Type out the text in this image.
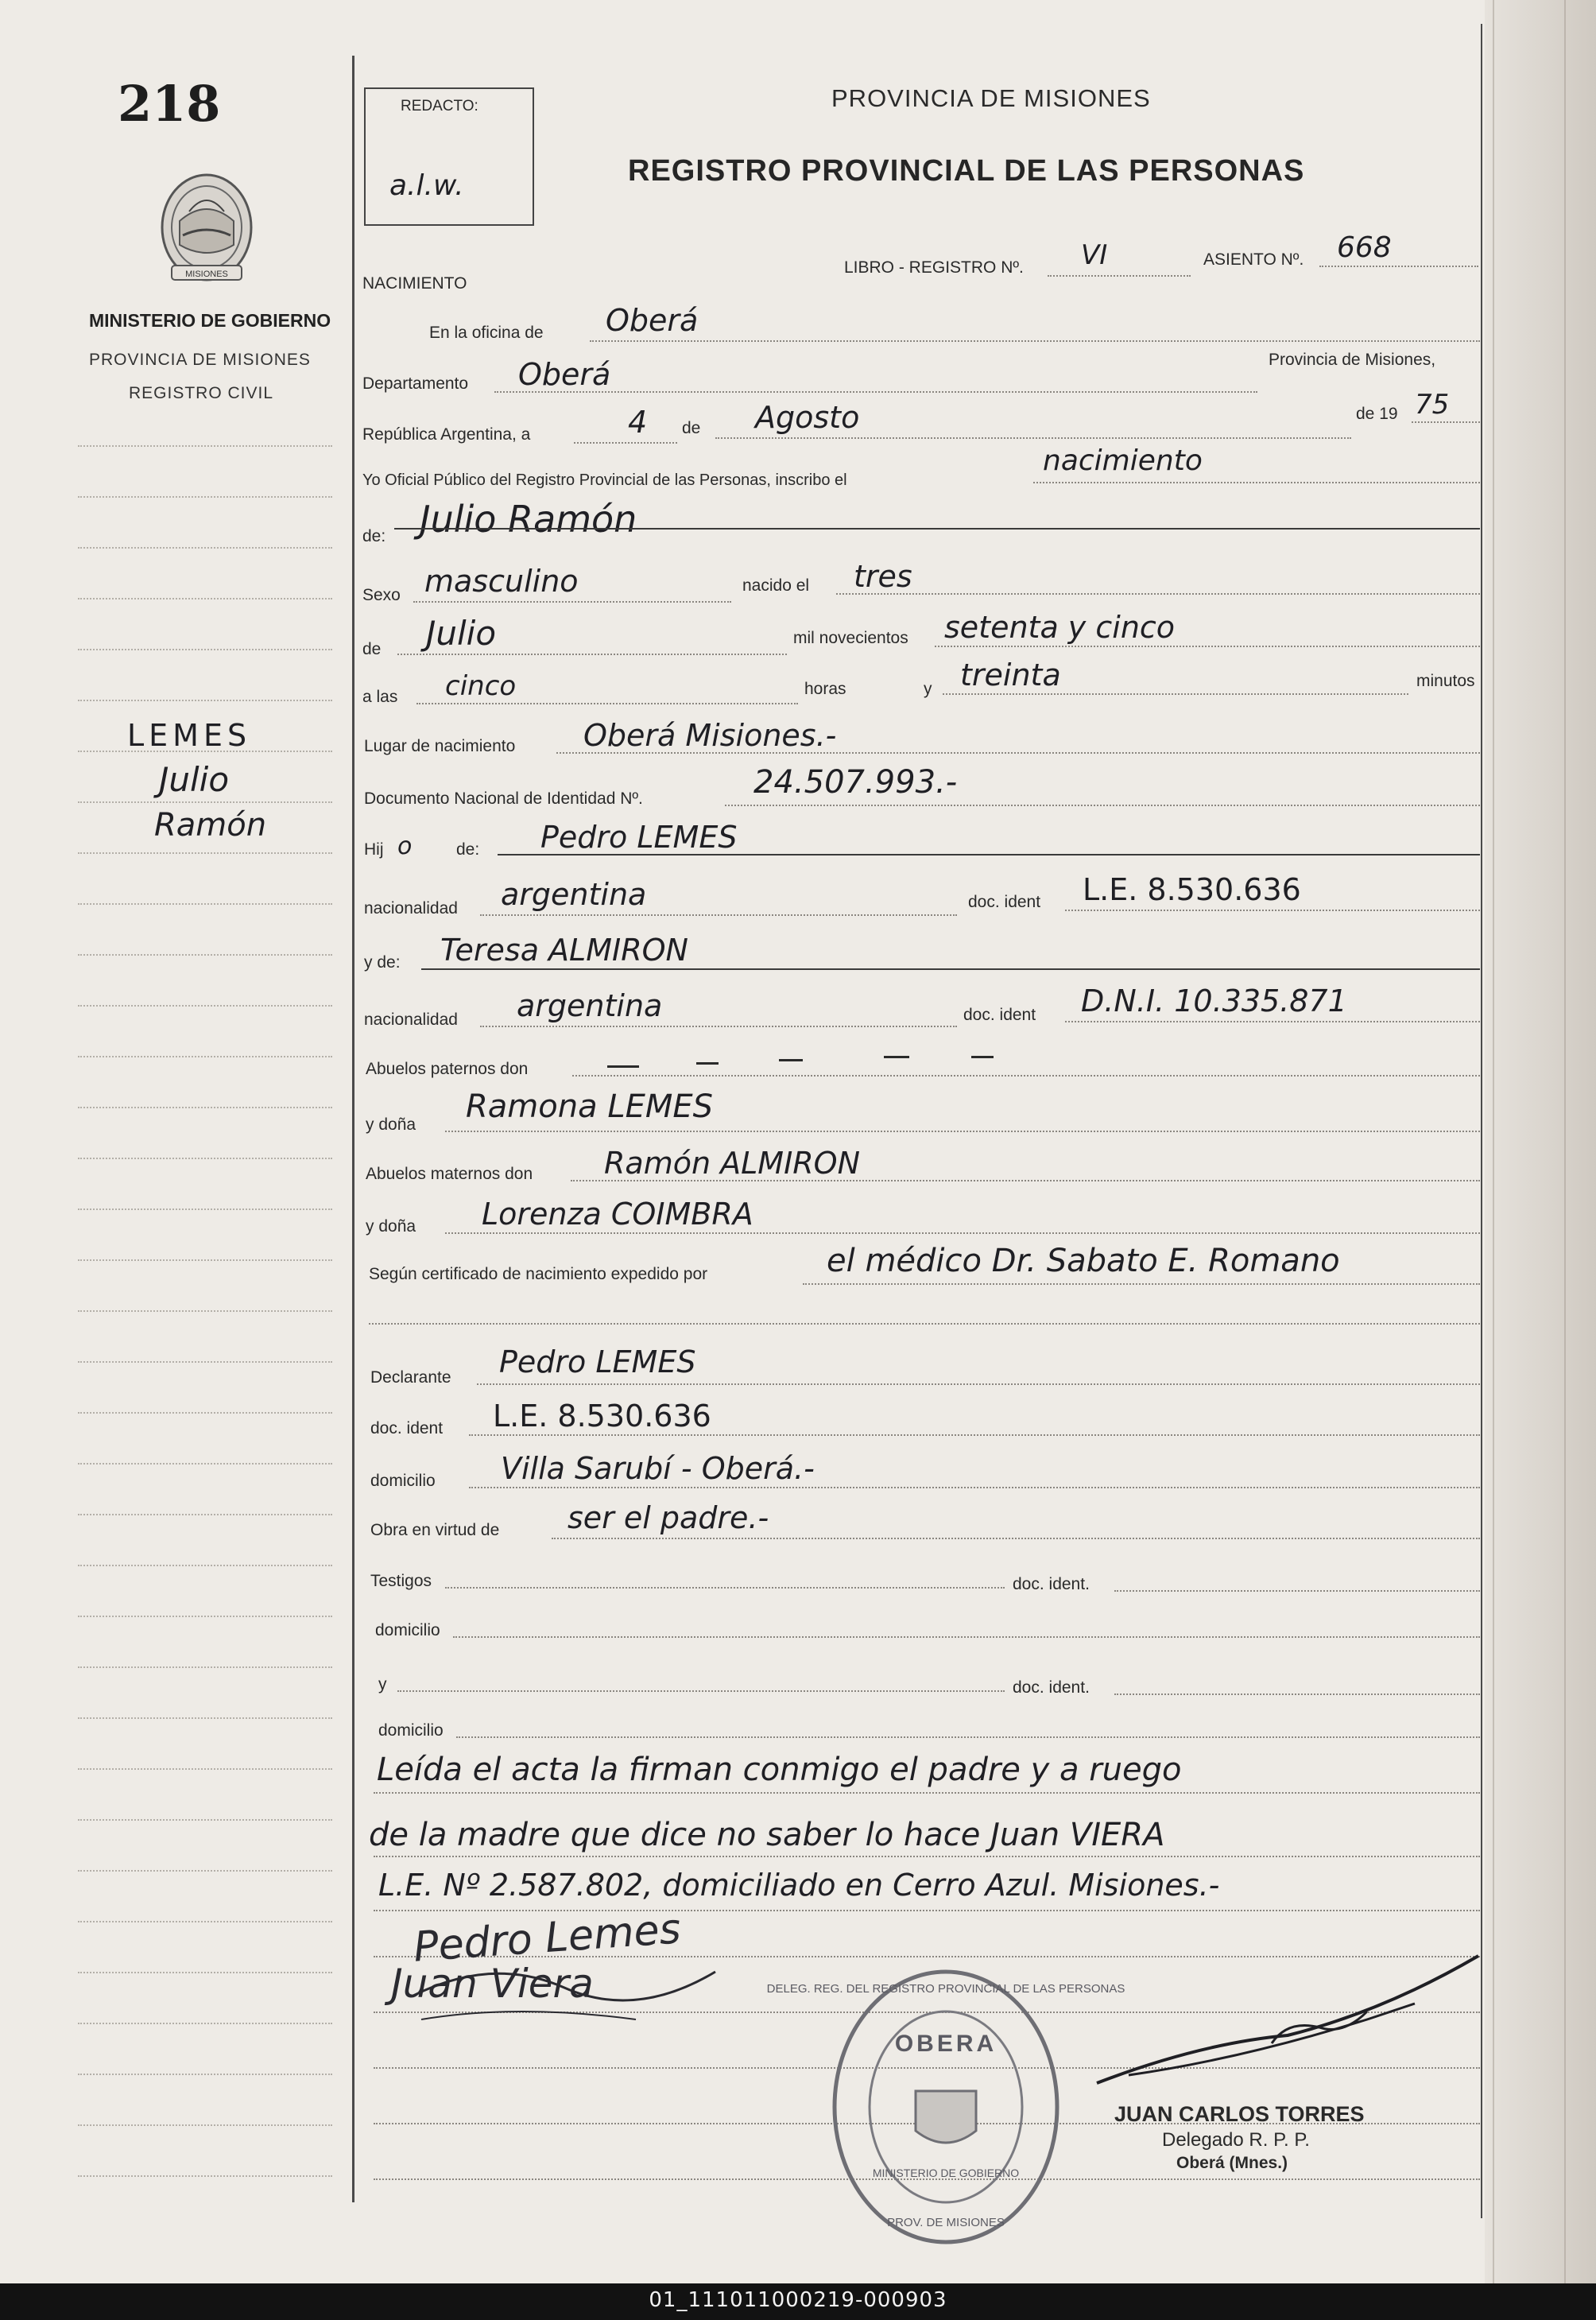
218
MISIONES
MINISTERIO DE GOBIERNO
PROVINCIA DE MISIONES
REGISTRO CIVIL
LEMES
Julio
Ramón
REDACTO:
a.l.w.
PROVINCIA DE MISIONES
REGISTRO PROVINCIAL DE LAS PERSONAS
LIBRO - REGISTRO Nº. VI	ASIENTO Nº. 668
NACIMIENTO
En la oficina de Oberá
Departamento Oberá	Provincia de Misiones,
República Argentina, a	4 de Agosto	de 19 75
Yo Oficial Público del Registro Provincial de las Personas, inscribo el
nacimiento
de: Julio Ramón
Sexo masculino	nacido el tres
de Julio	mil novecientos setenta y cinco
a las cinco	horas	y treinta	minutos
Lugar de nacimiento Oberá Misiones.-
Documento Nacional de Identidad Nº.	24.507.993.-
Hij o	de: Pedro LEMES
nacionalidad argentina	doc. ident L.E. 8.530.636
y de: Teresa ALMIRON
nacionalidad argentina	doc. ident D.N.I. 10.335.871
Abuelos paternos don
y doña Ramona LEMES
Abuelos maternos don Ramón ALMIRON
y doña Lorenza COIMBRA
Según certificado de nacimiento expedido por	el médico Dr. Sabato E. Romano
Declarante Pedro LEMES
doc. ident L.E. 8.530.636
domicilio Villa Sarubí - Oberá.-
Obra en virtud de ser el padre.-
Testigos	doc. ident.
domicilio
y	doc. ident.
domicilio
Leída el acta la firman conmigo el padre y a ruego
de la madre que dice no saber lo hace Juan VIERA
L.E. Nº 2.587.802, domiciliado en Cerro Azul. Misiones.-
Pedro Lemes
Juan Viera	DELEG. REG. DEL REGISTRO PROVINCIAL DE LAS PERSONAS
OBERA
MINISTERIO DE GOBIERNO
PROV. DE MISIONES
JUAN CARLOS TORRES
Delegado R. P. P.
Oberá (Mnes.)
01_111011000219-000903
